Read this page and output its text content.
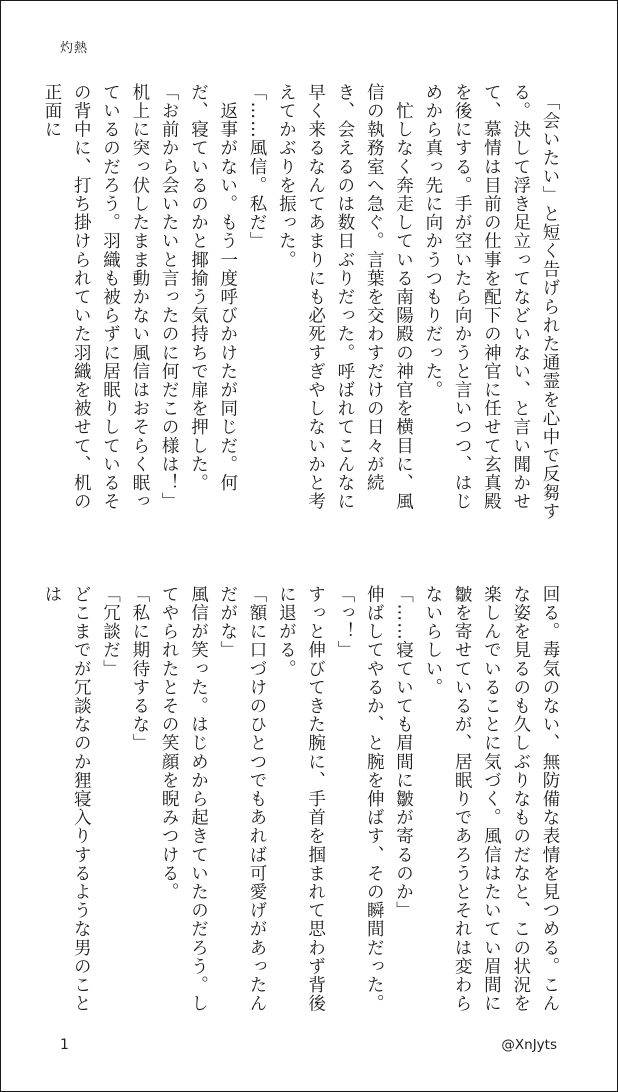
灼熱

　「会いたい」と短く告げられた通霊を心中で反芻する。決して浮き足立ってなどいない、と言い聞かせて、慕情は目前の仕事を配下の神官に任せて玄真殿を後にする。手が空いたら向かうと言いつつ、はじめから真っ先に向かうつもりだった。

　忙しなく奔走している南陽殿の神官を横目に、風信の執務室へ急ぐ。言葉を交わすだけの日々が続き、会えるのは数日ぶりだった。呼ばれてこんなに早く来るなんてあまりにも必死すぎやしないかと考えてかぶりを振った。

「……風信。私だ」

　返事がない。もう一度呼びかけたが同じだ。何だ、寝ているのかと揶揄う気持ちで扉を押した。

「お前から会いたいと言ったのに何だこの様は！」

机上に突っ伏したまま動かない風信はおそらく眠っているのだろう。羽織も被らずに居眠りしているその背中に、打ち掛けられていた羽織を被せて、机の正面に

回る。毒気のない、無防備な表情を見つめる。こんな姿を見るのも久しぶりなものだなと、この状況を楽しんでいることに気づく。風信はたいてい眉間に皺を寄せているが、居眠りであろうとそれは変わらないらしい。

「……寝ていても眉間に皺が寄るのか」

伸ばしてやるか、と腕を伸ばす、その瞬間だった。

「っ！」

すっと伸びてきた腕に、手首を掴まれて思わず背後に退がる。

「額に口づけのひとつでもあれば可愛げがあったんだがな」

風信が笑った。はじめから起きていたのだろう。してやられたとその笑顔を睨みつける。

「私に期待するな」

「冗談だ」

どこまでが冗談なのか狸寝入りするような男のことは

1	@XnJyts
